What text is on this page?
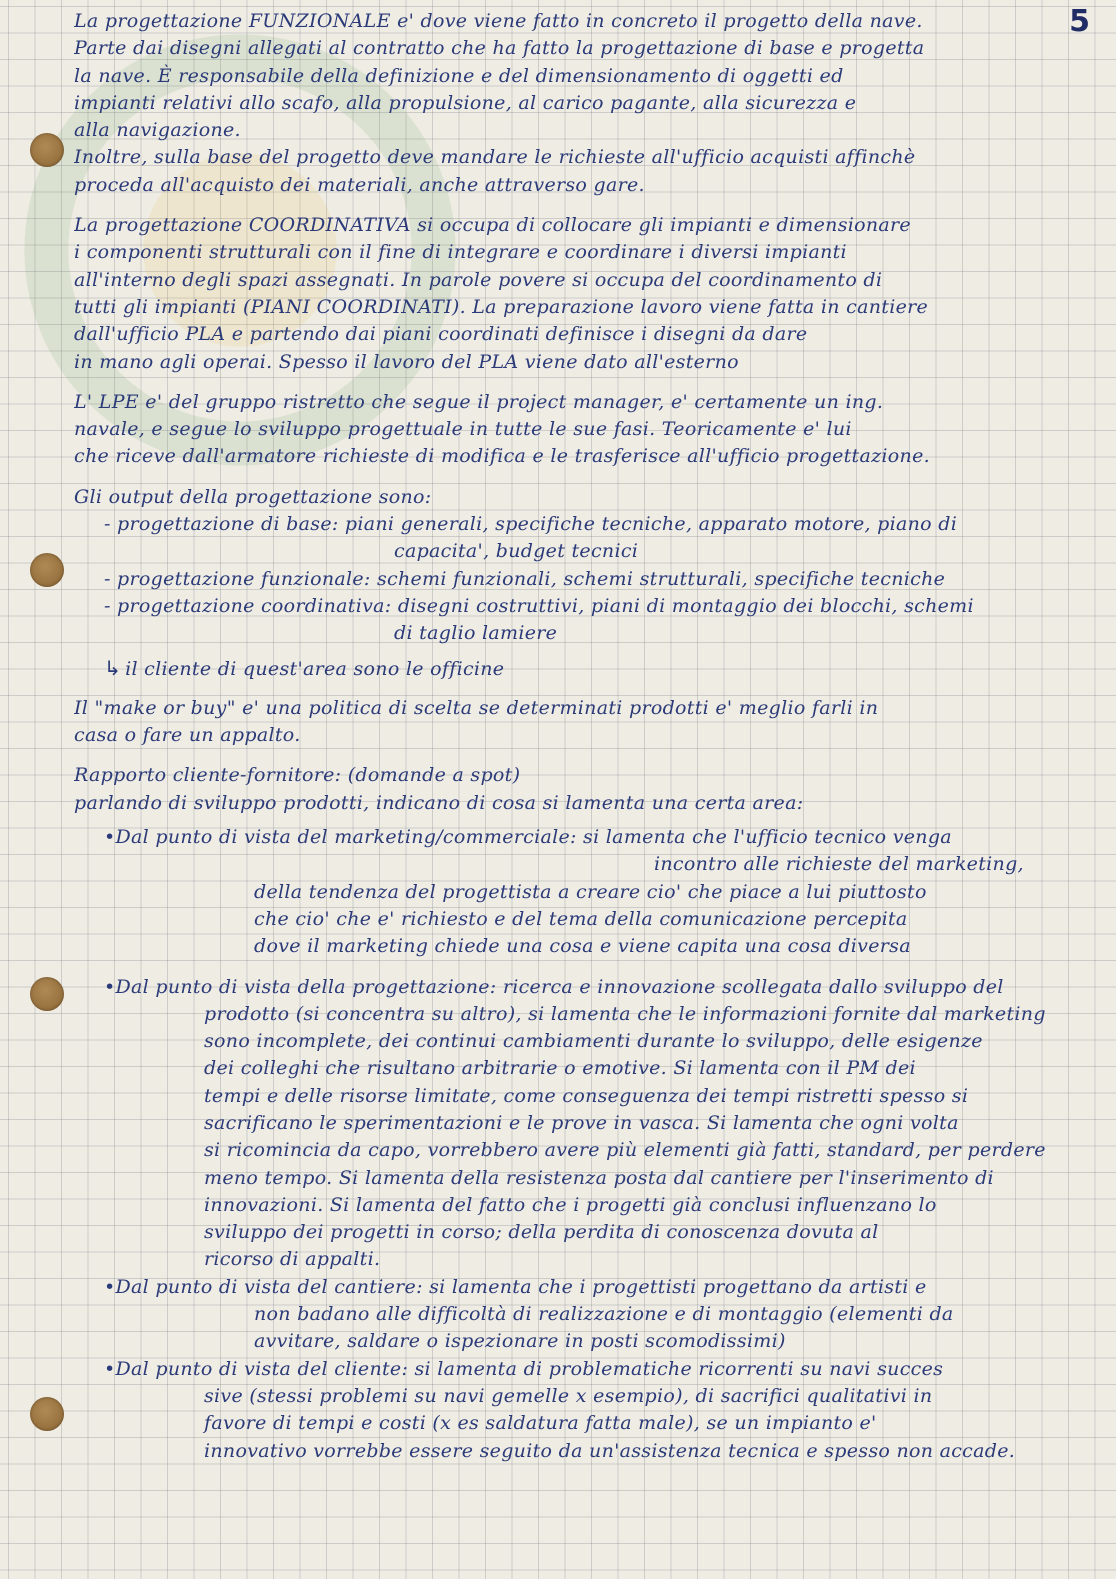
5
La progettazione FUNZIONALE e' dove viene fatto in concreto il progetto della nave.
Parte dai disegni allegati al contratto che ha fatto la progettazione di base e progetta
la nave. È responsabile della definizione e del dimensionamento di oggetti ed
impianti relativi allo scafo, alla propulsione, al carico pagante, alla sicurezza e
alla navigazione.
Inoltre, sulla base del progetto deve mandare le richieste all'ufficio acquisti affinchè
proceda all'acquisto dei materiali, anche attraverso gare.
La progettazione COORDINATIVA si occupa di collocare gli impianti e dimensionare
i componenti strutturali con il fine di integrare e coordinare i diversi impianti
all'interno degli spazi assegnati. In parole povere si occupa del coordinamento di
tutti gli impianti (PIANI COORDINATI). La preparazione lavoro viene fatta in cantiere
dall'ufficio PLA e partendo dai piani coordinati definisce i disegni da dare
in mano agli operai. Spesso il lavoro del PLA viene dato all'esterno
L' LPE e' del gruppo ristretto che segue il project manager, e' certamente un ing.
navale, e segue lo sviluppo progettuale in tutte le sue fasi. Teoricamente e' lui
che riceve dall'armatore richieste di modifica e le trasferisce all'ufficio progettazione.
Gli output della progettazione sono:
- progettazione di base: piani generali, specifiche tecniche, apparato motore, piano di
capacita', budget tecnici
- progettazione funzionale: schemi funzionali, schemi strutturali, specifiche tecniche
- progettazione coordinativa: disegni costruttivi, piani di montaggio dei blocchi, schemi
di taglio lamiere
↳ il cliente di quest'area sono le officine
Il "make or buy" e' una politica di scelta se determinati prodotti e' meglio farli in
casa o fare un appalto.
Rapporto cliente-fornitore: (domande a spot)
parlando di sviluppo prodotti, indicano di cosa si lamenta una certa area:
•Dal punto di vista del marketing/commerciale: si lamenta che l'ufficio tecnico venga
incontro alle richieste del marketing,
della tendenza del progettista a creare cio' che piace a lui piuttosto
che cio' che e' richiesto e del tema della comunicazione percepita
dove il marketing chiede una cosa e viene capita una cosa diversa
•Dal punto di vista della progettazione: ricerca e innovazione scollegata dallo sviluppo del
prodotto (si concentra su altro), si lamenta che le informazioni fornite dal marketing
sono incomplete, dei continui cambiamenti durante lo sviluppo, delle esigenze
dei colleghi che risultano arbitrarie o emotive. Si lamenta con il PM dei
tempi e delle risorse limitate, come conseguenza dei tempi ristretti spesso si
sacrificano le sperimentazioni e le prove in vasca. Si lamenta che ogni volta
si ricomincia da capo, vorrebbero avere più elementi già fatti, standard, per perdere
meno tempo. Si lamenta della resistenza posta dal cantiere per l'inserimento di
innovazioni. Si lamenta del fatto che i progetti già conclusi influenzano lo
sviluppo dei progetti in corso; della perdita di conoscenza dovuta al
ricorso di appalti.
•Dal punto di vista del cantiere: si lamenta che i progettisti progettano da artisti e
non badano alle difficoltà di realizzazione e di montaggio (elementi da
avvitare, saldare o ispezionare in posti scomodissimi)
•Dal punto di vista del cliente: si lamenta di problematiche ricorrenti su navi succes
sive (stessi problemi su navi gemelle x esempio), di sacrifici qualitativi in
favore di tempi e costi (x es saldatura fatta male), se un impianto e'
innovativo vorrebbe essere seguito da un'assistenza tecnica e spesso non accade.
